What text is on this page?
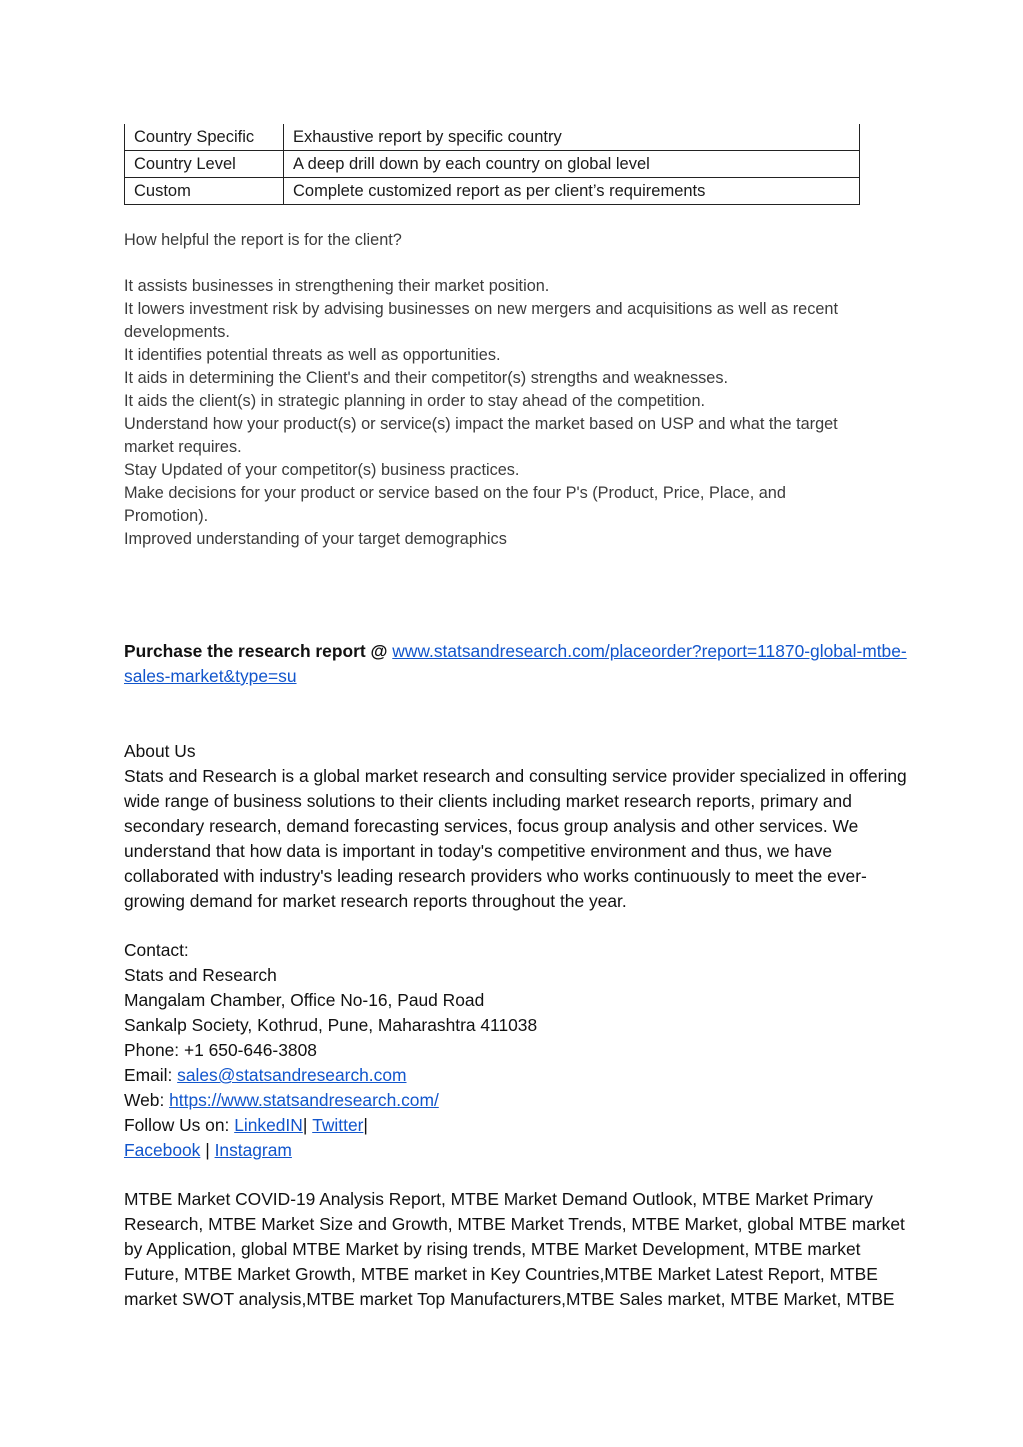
Country Specific	Exhaustive report by specific country
Country Level	A deep drill down by each country on global level
Custom	Complete customized report as per client’s requirements
How helpful the report is for the client?
It assists businesses in strengthening their market position.
It lowers investment risk by advising businesses on new mergers and acquisitions as well as recent
developments.
It identifies potential threats as well as opportunities.
It aids in determining the Client's and their competitor(s) strengths and weaknesses.
It aids the client(s) in strategic planning in order to stay ahead of the competition.
Understand how your product(s) or service(s) impact the market based on USP and what the target
market requires.
Stay Updated of your competitor(s) business practices.
Make decisions for your product or service based on the four P's (Product, Price, Place, and
Promotion).
Improved understanding of your target demographics
Purchase the research report @ www.statsandresearch.com/placeorder?report=11870-global-mtbe-
sales-market&type=su
About Us
Stats and Research is a global market research and consulting service provider specialized in offering
wide range of business solutions to their clients including market research reports, primary and
secondary research, demand forecasting services, focus group analysis and other services. We
understand that how data is important in today's competitive environment and thus, we have
collaborated with industry's leading research providers who works continuously to meet the ever-
growing demand for market research reports throughout the year.
Contact:
Stats and Research
Mangalam Chamber, Office No-16, Paud Road
Sankalp Society, Kothrud, Pune, Maharashtra 411038
Phone: +1 650-646-3808
Email: sales@statsandresearch.com
Web: https://www.statsandresearch.com/
Follow Us on: LinkedIN| Twitter|
Facebook | Instagram
MTBE Market COVID-19 Analysis Report, MTBE Market Demand Outlook, MTBE Market Primary
Research, MTBE Market Size and Growth, MTBE Market Trends, MTBE Market, global MTBE market
by Application, global MTBE Market by rising trends, MTBE Market Development, MTBE market
Future, MTBE Market Growth, MTBE market in Key Countries,MTBE Market Latest Report, MTBE
market SWOT analysis,MTBE market Top Manufacturers,MTBE Sales market, MTBE Market, MTBE
